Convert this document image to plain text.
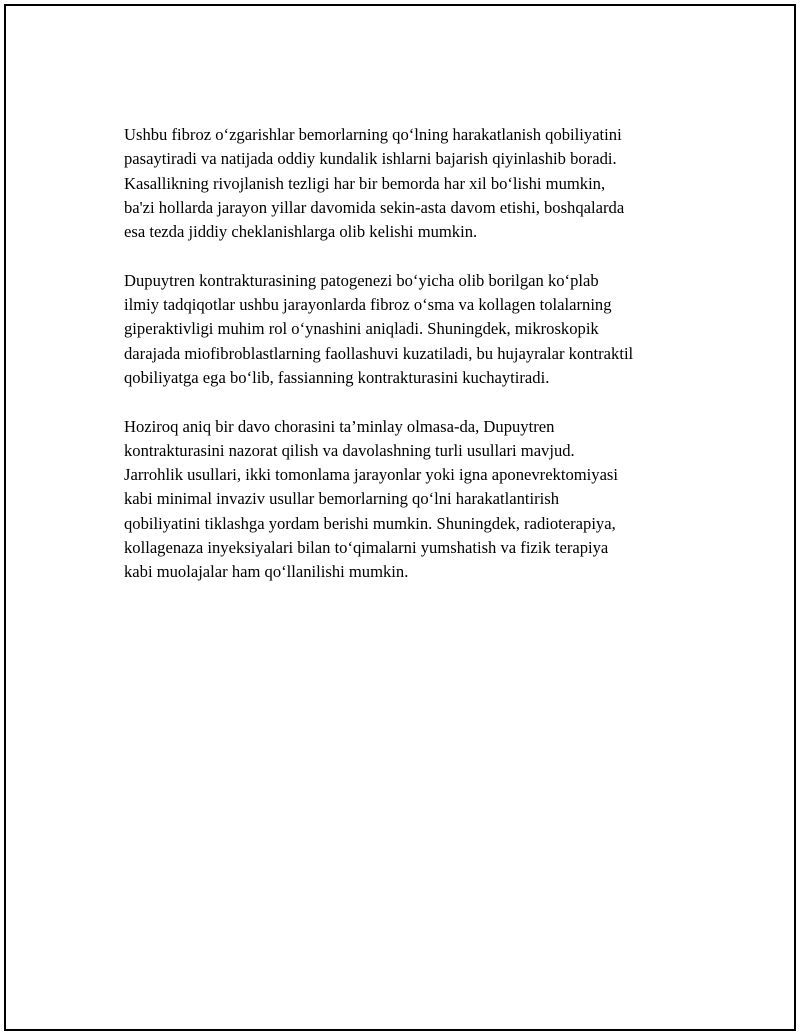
Ushbu fibroz o‘zgarishlar bemorlarning qo‘lning harakatlanish qobiliyatini
pasaytiradi va natijada oddiy kundalik ishlarni bajarish qiyinlashib boradi.
Kasallikning rivojlanish tezligi har bir bemorda har xil bo‘lishi mumkin,
ba'zi hollarda jarayon yillar davomida sekin-asta davom etishi, boshqalarda
esa tezda jiddiy cheklanishlarga olib kelishi mumkin.

Dupuytren kontrakturasining patogenezi bo‘yicha olib borilgan ko‘plab
ilmiy tadqiqotlar ushbu jarayonlarda fibroz o‘sma va kollagen tolalarning
giperaktivligi muhim rol o‘ynashini aniqladi. Shuningdek, mikroskopik
darajada miofibroblastlarning faollashuvi kuzatiladi, bu hujayralar kontraktil
qobiliyatga ega bo‘lib, fassianning kontrakturasini kuchaytiradi.

Hoziroq aniq bir davo chorasini ta’minlay olmasa-da, Dupuytren
kontrakturasini nazorat qilish va davolashning turli usullari mavjud.
Jarrohlik usullari, ikki tomonlama jarayonlar yoki igna aponevrektomiyasi
kabi minimal invaziv usullar bemorlarning qo‘lni harakatlantirish
qobiliyatini tiklashga yordam berishi mumkin. Shuningdek, radioterapiya,
kollagenaza inyeksiyalari bilan to‘qimalarni yumshatish va fizik terapiya
kabi muolajalar ham qo‘llanilishi mumkin.
